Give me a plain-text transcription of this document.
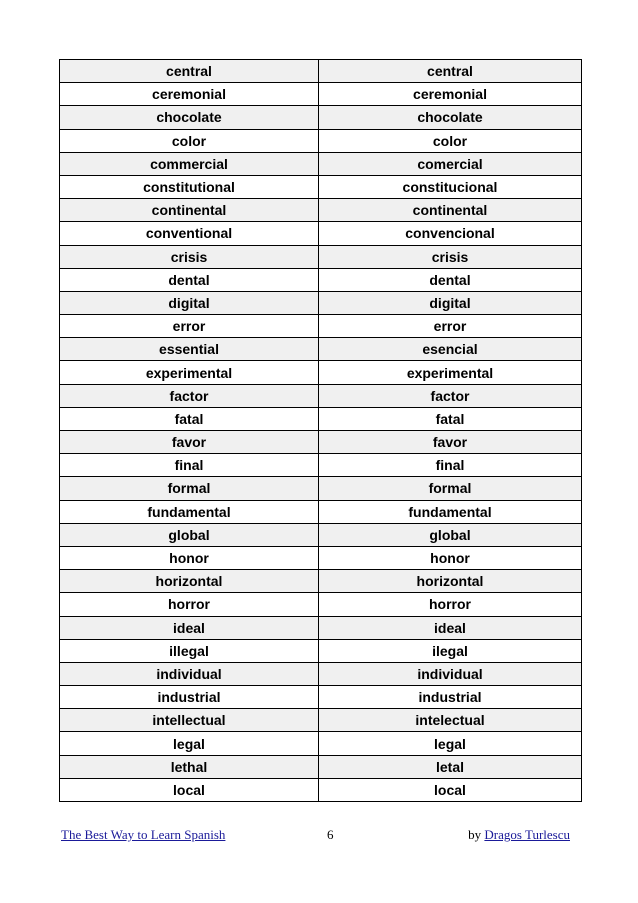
central	central
ceremonial	ceremonial
chocolate	chocolate
color	color
commercial	comercial
constitutional	constitucional
continental	continental
conventional	convencional
crisis	crisis
dental	dental
digital	digital
error	error
essential	esencial
experimental	experimental
factor	factor
fatal	fatal
favor	favor
final	final
formal	formal
fundamental	fundamental
global	global
honor	honor
horizontal	horizontal
horror	horror
ideal	ideal
illegal	ilegal
individual	individual
industrial	industrial
intellectual	intelectual
legal	legal
lethal	letal
local	local
The Best Way to Learn Spanish	6	by Dragos Turlescu
